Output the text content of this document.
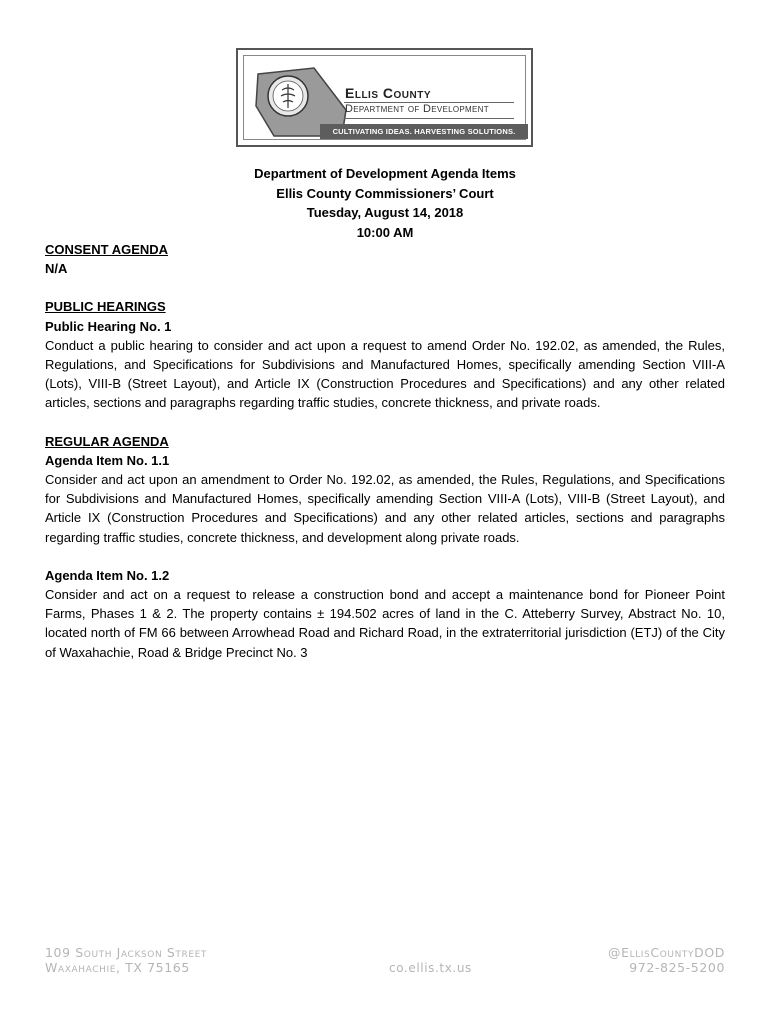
Ellis County
Department of Development
CULTIVATING IDEAS. HARVESTING SOLUTIONS.
Department of Development Agenda Items
Ellis County Commissioners’ Court
Tuesday, August 14, 2018
10:00 AM
CONSENT AGENDA
N/A
PUBLIC HEARINGS
Public Hearing No. 1
Conduct a public hearing to consider and act upon a request to amend Order No. 192.02, as amended, the Rules, Regulations, and Specifications for Subdivisions and Manufactured Homes, specifically amending Section VIII-A (Lots), VIII-B (Street Layout), and Article IX (Construction Procedures and Specifications) and any other related articles, sections and paragraphs regarding traffic studies, concrete thickness, and private roads.
REGULAR AGENDA
Agenda Item No. 1.1
Consider and act upon an amendment to Order No. 192.02, as amended, the Rules, Regulations, and Specifications for Subdivisions and Manufactured Homes, specifically amending Section VIII-A (Lots), VIII-B (Street Layout), and Article IX (Construction Procedures and Specifications) and any other related articles, sections and paragraphs regarding traffic studies, concrete thickness, and development along private roads.
Agenda Item No. 1.2
Consider and act on a request to release a construction bond and accept a maintenance bond for Pioneer Point Farms, Phases 1 & 2. The property contains ± 194.502 acres of land in the C. Atteberry Survey, Abstract No. 10, located north of FM 66 between Arrowhead Road and Richard Road, in the extraterritorial jurisdiction (ETJ) of the City of Waxahachie, Road & Bridge Precinct No. 3
109 South Jackson Street
Waxahachie, TX 75165	co.ellis.tx.us
@EllisCountyDOD
972-825-5200
